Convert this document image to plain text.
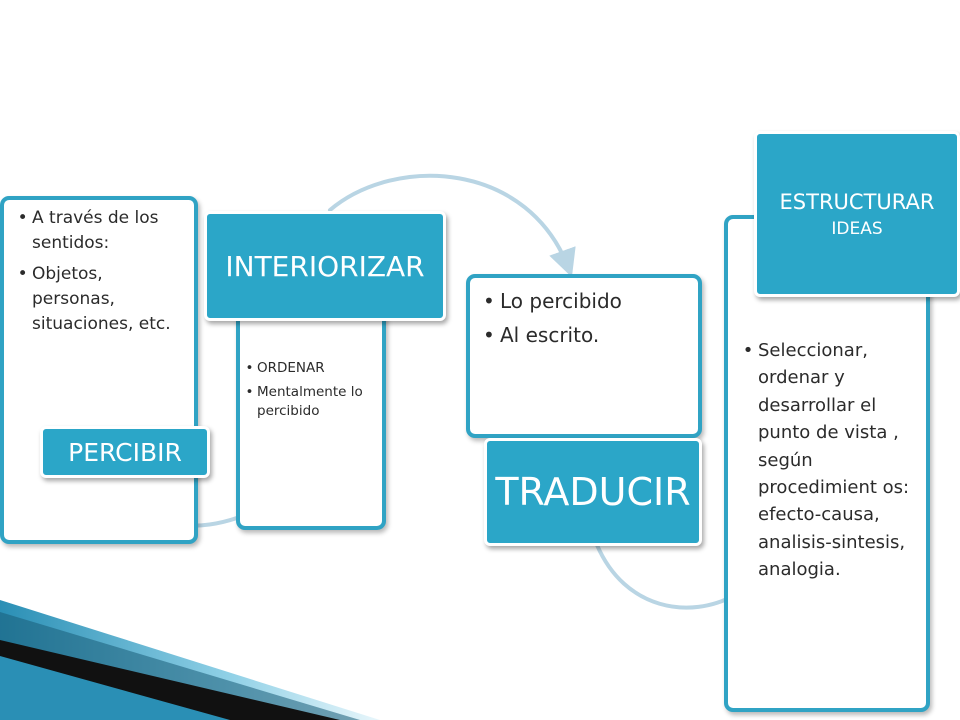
• A través de los sentidos:
• Objetos, personas, situaciones, etc.
PERCIBIR
• ORDENAR
• Mentalmente lo percibido
INTERIORIZAR
• Lo percibido
• Al escrito.
TRADUCIR
• Seleccionar, ordenar y desarrollar el punto de vista , según procedimient os: efecto-causa, analisis-sintesis, analogia.
ESTRUCTURAR
IDEAS
